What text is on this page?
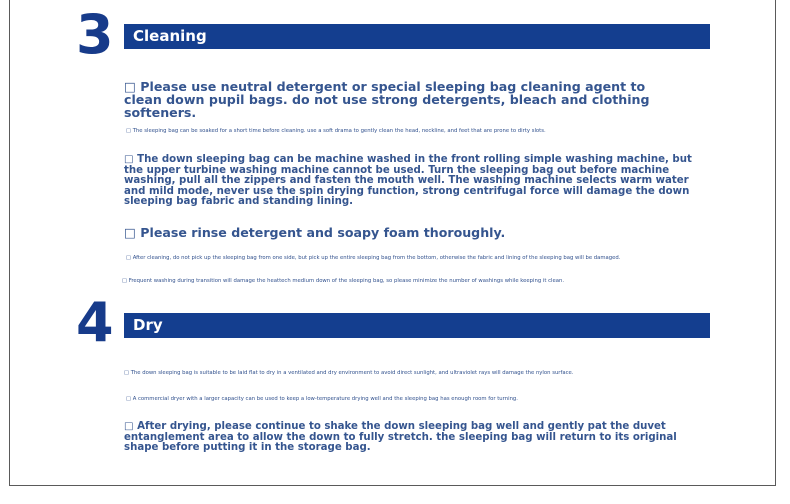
3	Cleaning

□ Please use neutral detergent or special sleeping bag cleaning agent to clean down pupil bags. do not use strong detergents, bleach and clothing softeners.

□ The sleeping bag can be soaked for a short time before cleaning. use a soft drama to gently clean the head, neckline, and feet that are prone to dirty slots.

□ The down sleeping bag can be machine washed in the front rolling simple washing machine, but the upper turbine washing machine cannot be used. Turn the sleeping bag out before machine washing, pull all the zippers and fasten the mouth well. The washing machine selects warm water and mild mode, never use the spin drying function, strong centrifugal force will damage the down sleeping bag fabric and standing lining.

□ Please rinse detergent and soapy foam thoroughly.

□ After cleaning, do not pick up the sleeping bag from one side, but pick up the entire sleeping bag from the bottom, otherwise the fabric and lining of the sleeping bag will be damaged.

□ Frequent washing during transition will damage the heattech medium down of the sleeping bag, so please minimize the number of washings while keeping it clean.

4	Dry

□ The down sleeping bag is suitable to be laid flat to dry in a ventilated and dry environment to avoid direct sunlight, and ultraviolet rays will damage the nylon surface.

□ A commercial dryer with a larger capacity can be used to keep a low-temperature drying well and the sleeping bag has enough room for turning.

□ After drying, please continue to shake the down sleeping bag well and gently pat the duvet entanglement area to allow the down to fully stretch. the sleeping bag will return to its original shape before putting it in the storage bag.
